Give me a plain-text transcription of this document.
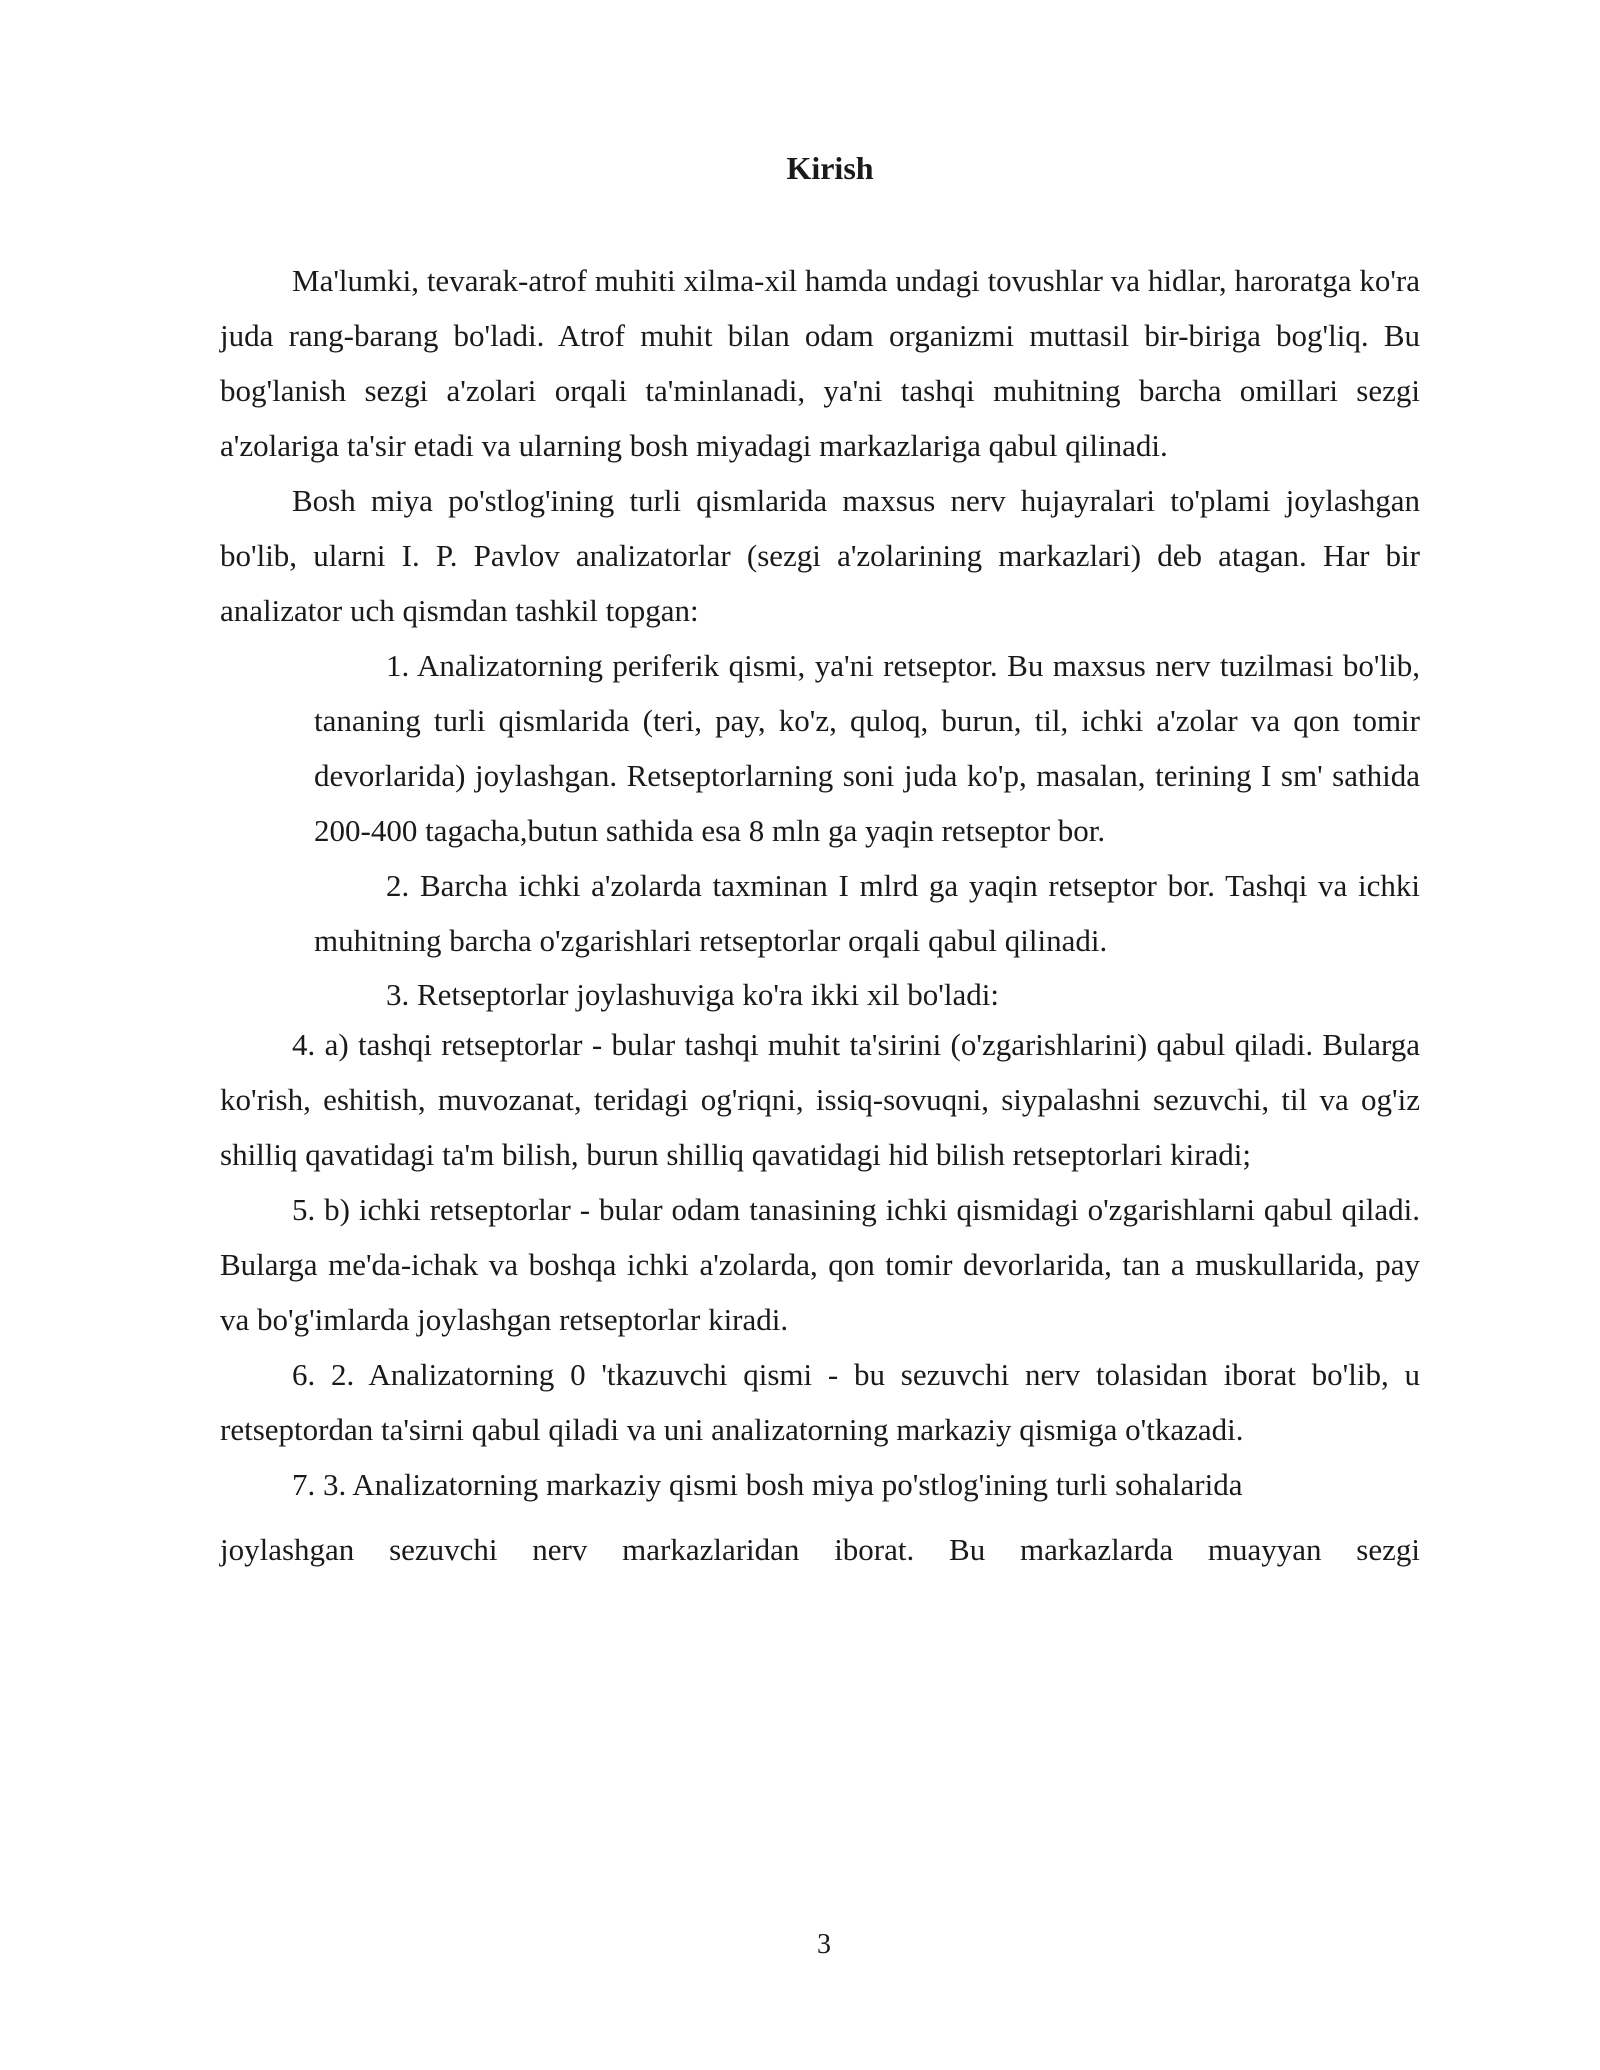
Kirish

Ma'lumki, tevarak-atrof muhiti xilma-xil hamda undagi tovushlar va hidlar, haroratga ko'ra juda rang-barang bo'ladi. Atrof muhit bilan odam organizmi muttasil bir-biriga bog'liq. Bu bog'lanish sezgi a'zolari orqali ta'minlanadi, ya'ni tashqi muhitning barcha omillari sezgi a'zolariga ta'sir etadi va ularning bosh miyadagi markazlariga qabul qilinadi.

Bosh miya po'stlog'ining turli qismlarida maxsus nerv hujayralari to'plami joylashgan bo'lib, ularni I. P. Pavlov analizatorlar (sezgi a'zolarining markazlari) deb atagan. Har bir analizator uch qismdan tashkil topgan:

1. Analizatorning periferik qismi, ya'ni retseptor. Bu maxsus nerv tuzilmasi bo'lib, tananing turli qismlarida (teri, pay, ko'z, quloq, burun, til, ichki a'zolar va qon tomir devorlarida) joylashgan. Retseptorlarning soni juda ko'p, masalan, terining I sm' sathida 200-400 tagacha,butun sathida esa 8 mln ga yaqin retseptor bor.

2. Barcha ichki a'zolarda taxminan I mlrd ga yaqin retseptor bor. Tashqi va ichki muhitning barcha o'zgarishlari retseptorlar orqali qabul qilinadi.

3. Retseptorlar joylashuviga ko'ra ikki xil bo'ladi:

4. a) tashqi retseptorlar - bular tashqi muhit ta'sirini (o'zgarishlarini) qabul qiladi. Bularga ko'rish, eshitish, muvozanat, teridagi og'riqni, issiq-sovuqni, siypalashni sezuvchi, til va og'iz shilliq qavatidagi ta'm bilish, burun shilliq qavatidagi hid bilish retseptorlari kiradi;

5. b) ichki retseptorlar - bular odam tanasining ichki qismidagi o'zgarishlarni qabul qiladi. Bularga me'da-ichak va boshqa ichki a'zolarda, qon tomir devorlarida, tan a muskullarida, pay va bo'g'imlarda joylashgan retseptorlar kiradi.

6. 2. Analizatorning 0 'tkazuvchi qismi - bu sezuvchi nerv tolasidan iborat bo'lib, u retseptordan ta'sirni qabul qiladi va uni analizatorning markaziy qismiga o'tkazadi.

7. 3. Analizatorning markaziy qismi bosh miya po'stlog'ining turli sohalarida

joylashgan sezuvchi nerv markazlaridan iborat. Bu markazlarda muayyan sezgi

3
